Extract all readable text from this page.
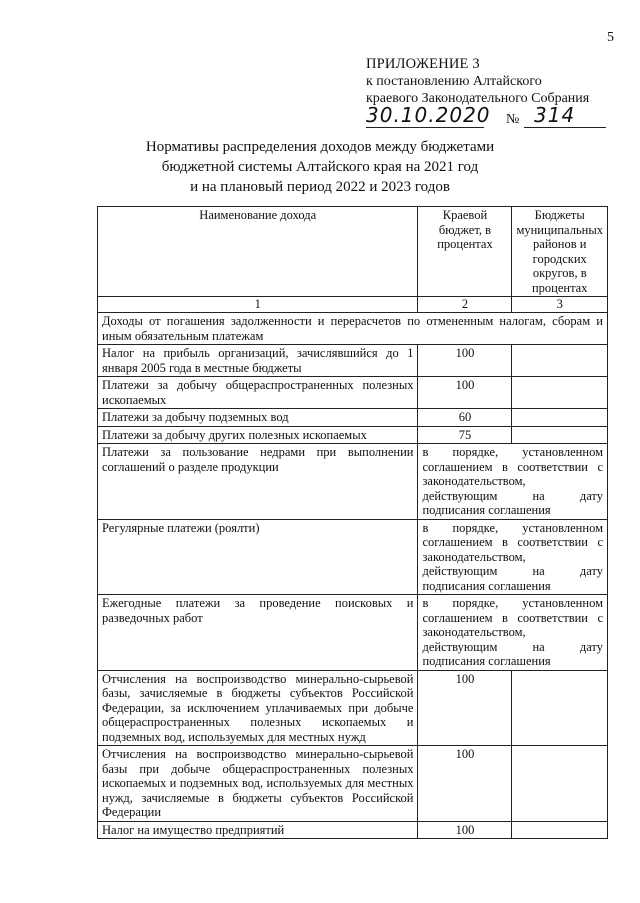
5
ПРИЛОЖЕНИЕ 3
к постановлению Алтайского
краевого Законодательного Собрания
30.10.2020 № 314
Нормативы распределения доходов между бюджетами
бюджетной системы Алтайского края на 2021 год
и на плановый период 2022 и 2023 годов
Наименование дохода	Краевой бюджет, в процентах	Бюджеты муниципальных районов и городских округов, в процентах
1	2	3
Доходы от погашения задолженности и перерасчетов по отмененным налогам, сборам и иным обязательным платежам		
Налог на прибыль организаций, зачислявшийся до 1 января 2005 года в местные бюджеты	100	
Платежи за добычу общераспространенных полезных ископаемых	100	
Платежи за добычу подземных вод	60	
Платежи за добычу других полезных ископаемых	75	
Платежи за пользование недрами при выполнении соглашений о разделе продукции	в порядке, установленном соглашением в соответствии с законодательством, действующим на дату подписания соглашения	
Регулярные платежи (роялти)	в порядке, установленном соглашением в соответствии с законодательством, действующим на дату подписания соглашения	
Ежегодные платежи за проведение поисковых и разведочных работ	в порядке, установленном соглашением в соответствии с законодательством, действующим на дату подписания соглашения	
Отчисления на воспроизводство минерально-сырьевой базы, зачисляемые в бюджеты субъектов Российской Федерации, за исключением уплачиваемых при добыче общераспространенных полезных ископаемых и подземных вод, используемых для местных нужд	100	
Отчисления на воспроизводство минерально-сырьевой базы при добыче общераспространенных полезных ископаемых и подземных вод, используемых для местных нужд, зачисляемые в бюджеты субъектов Российской Федерации	100	
Налог на имущество предприятий	100	
